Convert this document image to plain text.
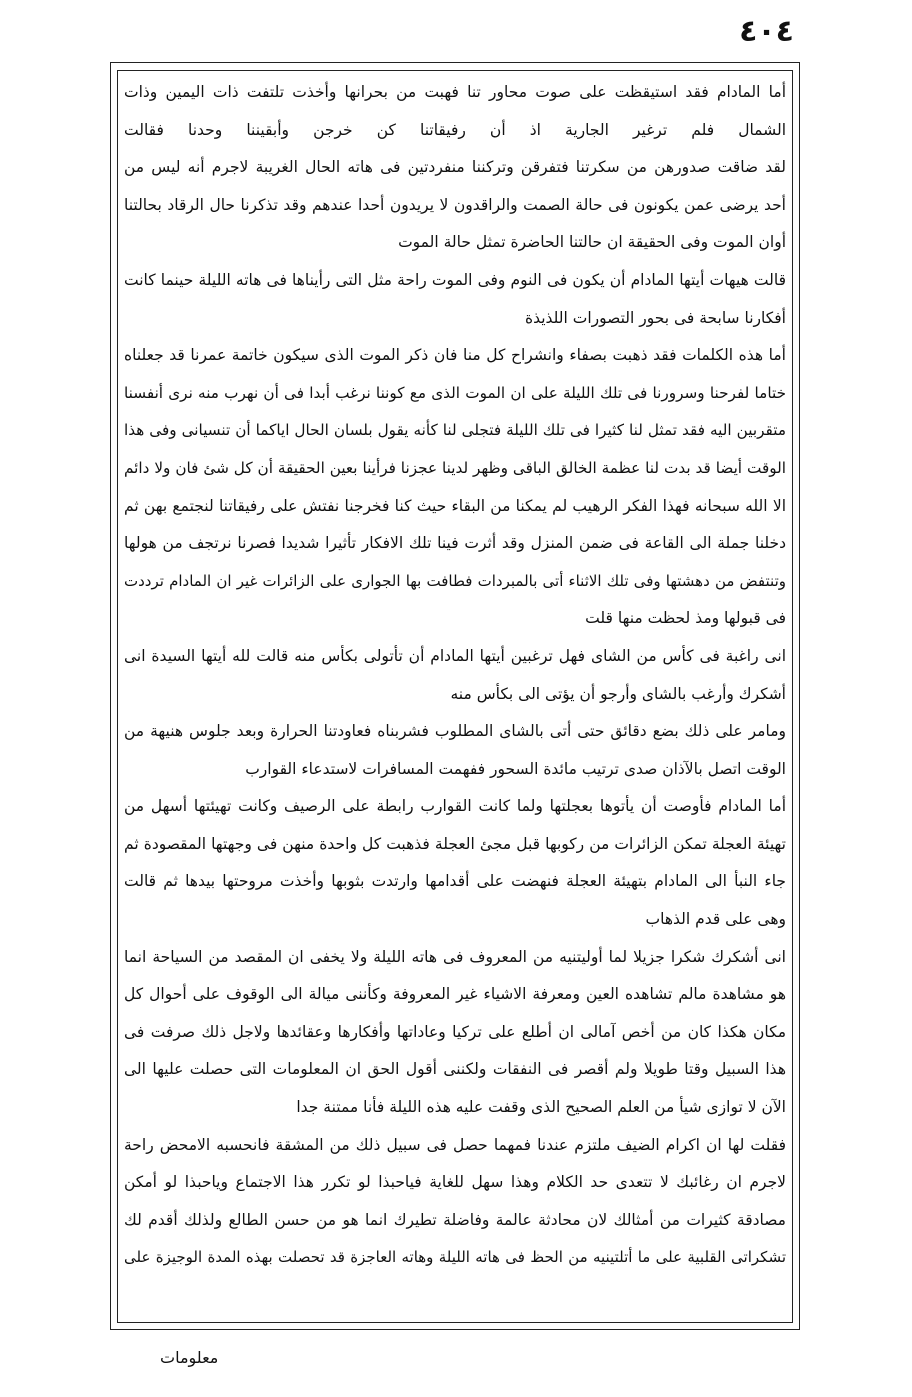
٤٠٤
أما المادام فقد استيقظت على صوت محاور تنا فهبت من بحرانها وأخذت تلتفت ذات اليمين وذات
الشمال فلم ترغير الجارية اذ أن رفيقاتنا كن خرجن وأبقيننا وحدنا فقالت
لقد ضاقت صدورهن من سكرتنا فتفرقن وتركننا منفردتين فى هاته الحال الغريبة لاجرم أنه ليس من
أحد يرضى عمن يكونون فى حالة الصمت والراقدون لا يريدون أحدا عندهم وقد تذكرنا حال الرقاد بحالتنا
أوان الموت وفى الحقيقة ان حالتنا الحاضرة تمثل حالة الموت
قالت هيهات أيتها المادام أن يكون فى النوم وفى الموت راحة مثل التى رأيناها فى هاته الليلة حينما كانت
أفكارنا سابحة فى بحور التصورات اللذيذة
أما هذه الكلمات فقد ذهبت بصفاء وانشراح كل منا فان ذكر الموت الذى سيكون خاتمة عمرنا قد جعلناه
ختاما لفرحنا وسرورنا فى تلك الليلة على ان الموت الذى مع كوننا نرغب أبدا فى أن نهرب منه نرى أنفسنا
متقربين اليه فقد تمثل لنا كثيرا فى تلك الليلة فتجلى لنا كأنه يقول بلسان الحال اياكما أن تنسيانى وفى هذا
الوقت أيضا قد بدت لنا عظمة الخالق الباقى وظهر لدينا عجزنا فرأينا بعين الحقيقة أن كل شئ فان ولا دائم
الا الله سبحانه فهذا الفكر الرهيب لم يمكنا من البقاء حيث كنا فخرجنا نفتش على رفيقاتنا لنجتمع بهن ثم
دخلنا جملة الى القاعة فى ضمن المنزل وقد أثرت فينا تلك الافكار تأثيرا شديدا فصرنا نرتجف من هولها
وتنتفض من دهشتها وفى تلك الاثناء أتى بالمبردات فطافت بها الجوارى على الزائرات غير ان المادام ترددت
فى قبولها ومذ لحظت منها قلت
انى راغبة فى كأس من الشاى فهل ترغبين أيتها المادام أن تأتولى بكأس منه قالت لله أيتها السيدة انى
أشكرك وأرغب بالشاى وأرجو أن يؤتى الى بكأس منه
ومامر على ذلك بضع دقائق حتى أتى بالشاى المطلوب فشربناه فعاودتنا الحرارة وبعد جلوس هنيهة من
الوقت اتصل بالآذان صدى ترتيب مائدة السحور ففهمت المسافرات لاستدعاء القوارب
أما المادام فأوصت أن يأتوها بعجلتها ولما كانت القوارب رابطة على الرصيف وكانت تهيئتها أسهل من
تهيئة العجلة تمكن الزائرات من ركوبها قبل مجئ العجلة فذهبت كل واحدة منهن فى وجهتها المقصودة ثم
جاء النبأ الى المادام بتهيئة العجلة فنهضت على أقدامها وارتدت بثوبها وأخذت مروحتها بيدها ثم قالت
وهى على قدم الذهاب
انى أشكرك شكرا جزيلا لما أوليتنيه من المعروف فى هاته الليلة ولا يخفى ان المقصد من السياحة انما
هو مشاهدة مالم تشاهده العين ومعرفة الاشياء غير المعروفة وكأننى ميالة الى الوقوف على أحوال كل
مكان هكذا كان من أخص آمالى ان أطلع على تركيا وعاداتها وأفكارها وعقائدها ولاجل ذلك صرفت فى
هذا السبيل وقتا طويلا ولم أقصر فى النفقات ولكننى أقول الحق ان المعلومات التى حصلت عليها الى
الآن لا توازى شيأ من العلم الصحيح الذى وقفت عليه هذه الليلة فأنا ممتنة جدا
فقلت لها ان اكرام الضيف ملتزم عندنا فمهما حصل فى سبيل ذلك من المشقة فانحسبه الامحض راحة
لاجرم ان رغائبك لا تتعدى حد الكلام وهذا سهل للغاية فياحبذا لو تكرر هذا الاجتماع وياحبذا لو أمكن
مصادقة كثيرات من أمثالك لان محادثة عالمة وفاضلة تطيرك انما هو من حسن الطالع ولذلك أقدم لك
تشكراتى القلبية على ما أتلتينيه من الحظ فى هاته الليلة وهاته العاجزة قد تحصلت بهذه المدة الوجيزة على
معلومات
